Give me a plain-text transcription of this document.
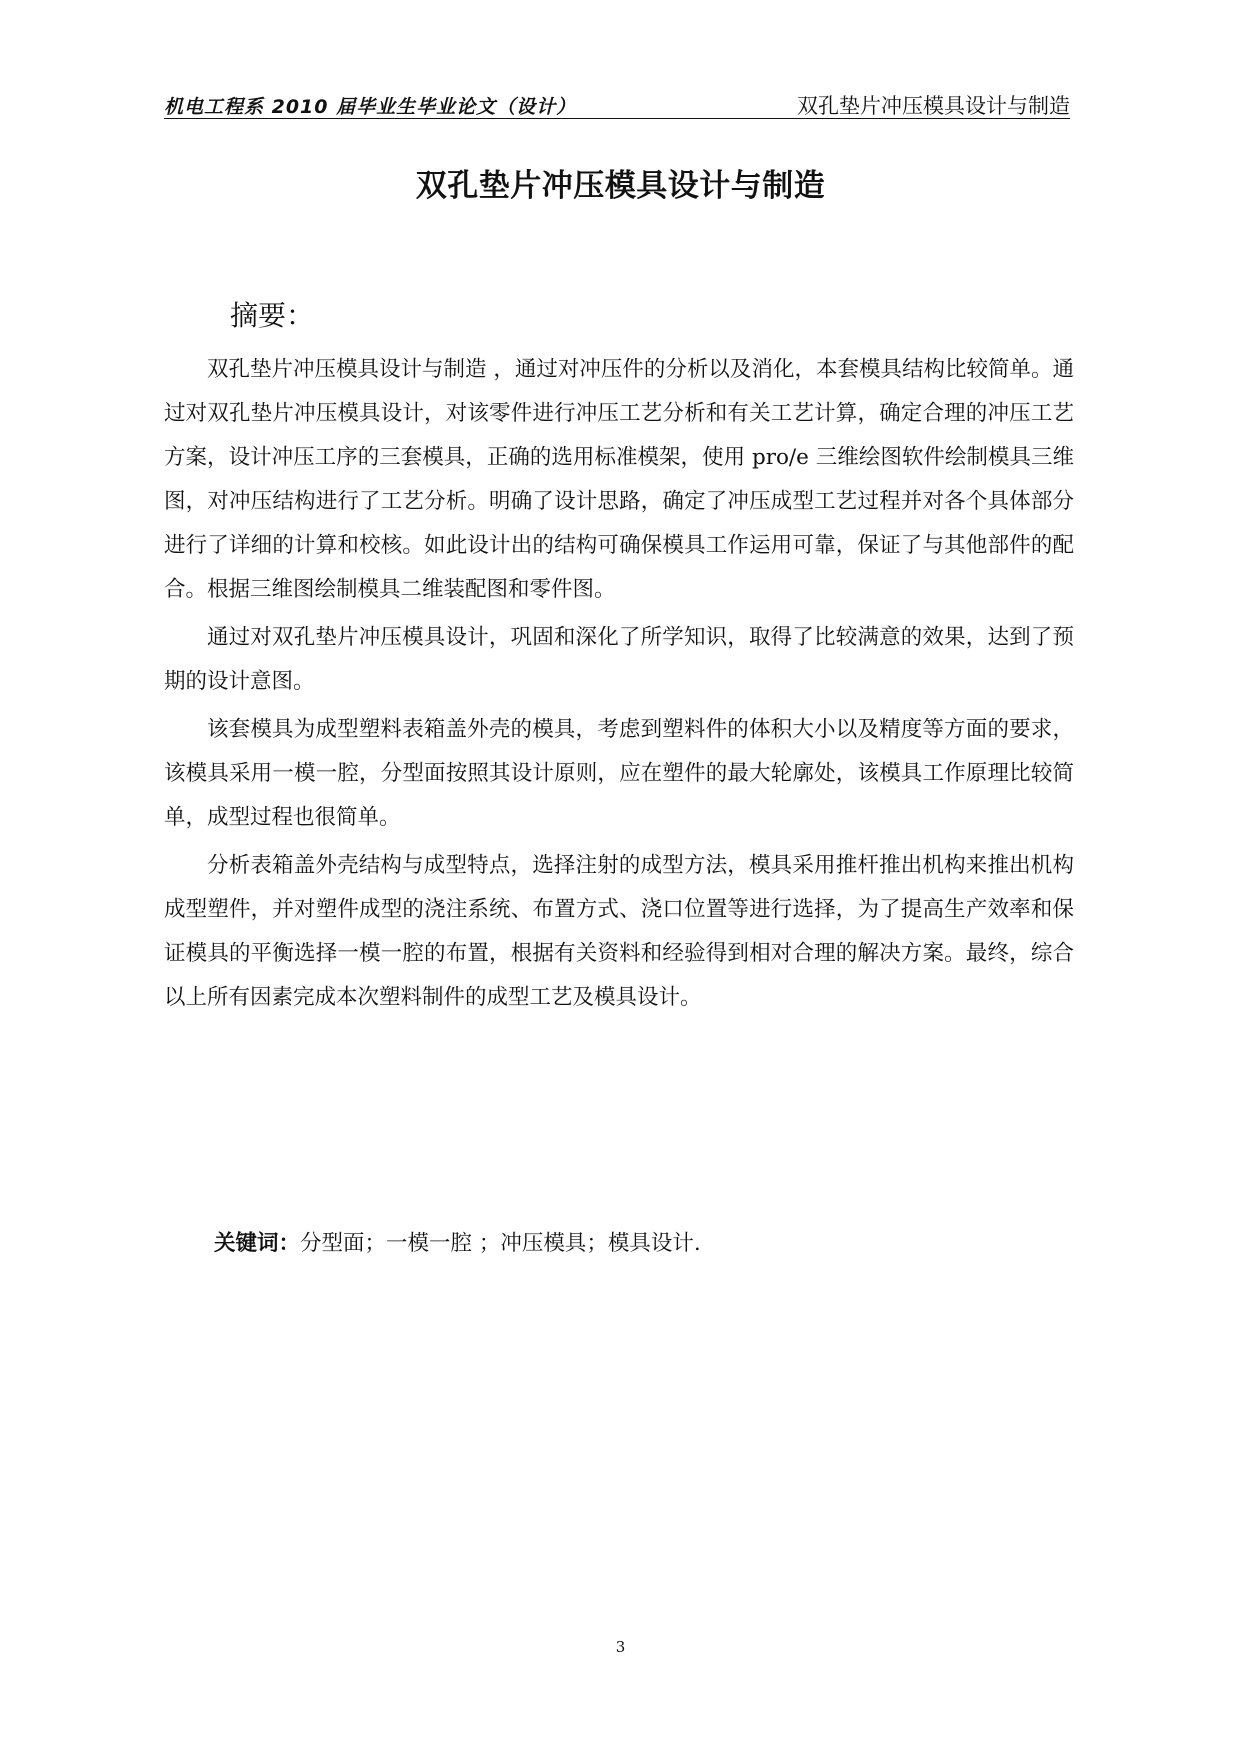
机电工程系 2010 届毕业生毕业论文（设计）	双孔垫片冲压模具设计与制造
双孔垫片冲压模具设计与制造
摘要：

双孔垫片冲压模具设计与制造 ，通过对冲压件的分析以及消化，本套模具结构比较简单。通过对双孔垫片冲压模具设计，对该零件进行冲压工艺分析和有关工艺计算，确定合理的冲压工艺方案，设计冲压工序的三套模具，正确的选用标准模架，使用 pro/e 三维绘图软件绘制模具三维图，对冲压结构进行了工艺分析。明确了设计思路，确定了冲压成型工艺过程并对各个具体部分进行了详细的计算和校核。如此设计出的结构可确保模具工作运用可靠，保证了与其他部件的配合。根据三维图绘制模具二维装配图和零件图。

通过对双孔垫片冲压模具设计，巩固和深化了所学知识，取得了比较满意的效果，达到了预期的设计意图。

该套模具为成型塑料表箱盖外壳的模具，考虑到塑料件的体积大小以及精度等方面的要求，该模具采用一模一腔，分型面按照其设计原则，应在塑件的最大轮廓处，该模具工作原理比较简单，成型过程也很简单。

分析表箱盖外壳结构与成型特点，选择注射的成型方法，模具采用推杆推出机构来推出机构成型塑件，并对塑件成型的浇注系统、布置方式、浇口位置等进行选择，为了提高生产效率和保证模具的平衡选择一模一腔的布置，根据有关资料和经验得到相对合理的解决方案。最终，综合以上所有因素完成本次塑料制件的成型工艺及模具设计。

关键词：分型面；一模一腔 ；冲压模具；模具设计.
3
